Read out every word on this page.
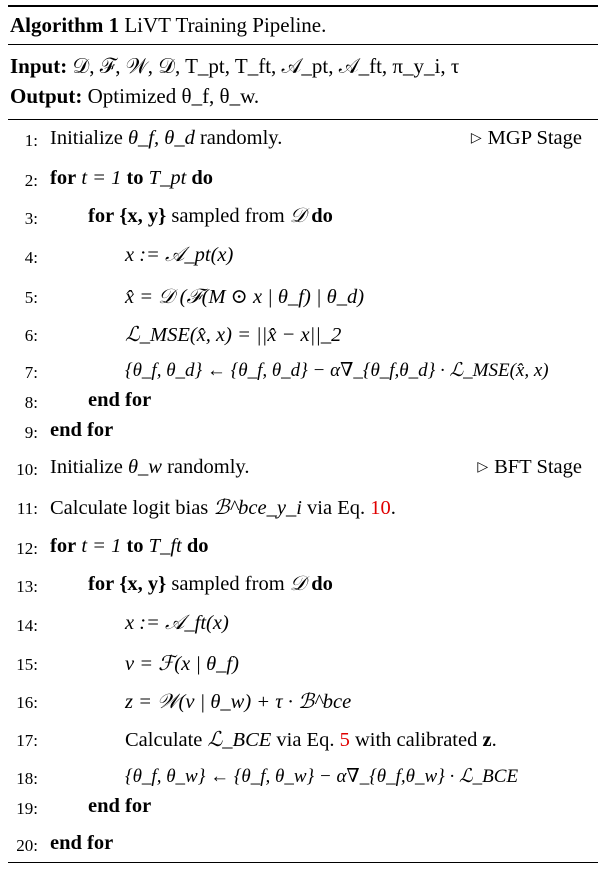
Algorithm 1 LiVT Training Pipeline.
Input: 𝒟, ℱ, 𝒲, 𝒟, T_pt, T_ft, 𝒜_pt, 𝒜_ft, π_y_i, τ
Output: Optimized θ_f, θ_w.
1: Initialize θ_f, θ_d randomly.	▷ MGP Stage
2: for t = 1 to T_pt do
3: for {x, y} sampled from 𝒟 do
4:	x := 𝒜_pt(x)
5:	x̂ = 𝒟 (ℱ(M ⊙ x | θ_f) | θ_d)
6:	ℒ_MSE(x̂, x) = ||x̂ − x||_2
7:	{θ_f, θ_d} ← {θ_f, θ_d} − α∇_{θ_f,θ_d} · ℒ_MSE(x̂, x)
8: end for
9: end for
10: Initialize θ_w randomly.	▷ BFT Stage
11: Calculate logit bias ℬ^bce_y_i via Eq. 10.
12: for t = 1 to T_ft do
13: for {x, y} sampled from 𝒟 do
14:	x := 𝒜_ft(x)
15:	v = ℱ(x | θ_f)
16:	z = 𝒲(v | θ_w) + τ · ℬ^bce
17:	Calculate ℒ_BCE via Eq. 5 with calibrated z.
18:	{θ_f, θ_w} ← {θ_f, θ_w} − α∇_{θ_f,θ_w} · ℒ_BCE
19: end for
20: end for
